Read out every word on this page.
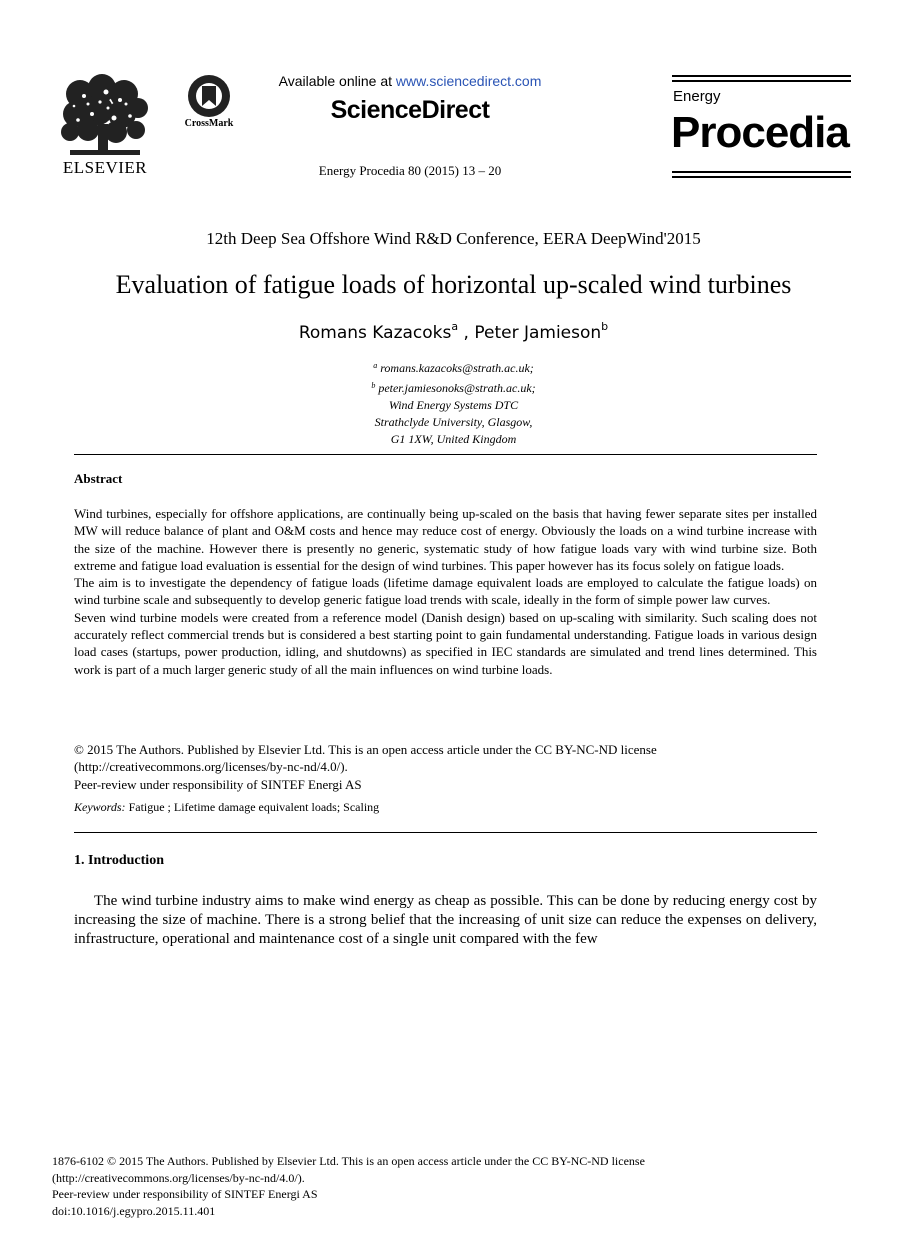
ELSEVIER
CrossMark
Available online at www.sciencedirect.com
ScienceDirect
Energy Procedia 80 (2015) 13 – 20
Energy
Procedia
12th Deep Sea Offshore Wind R&D Conference, EERA DeepWind'2015
Evaluation of fatigue loads of horizontal up-scaled wind turbines
Romans Kazacoks$^a$ , Peter Jamieson$^b$
$^a$ romans.kazacoks@strath.ac.uk;
$^b$ peter.jamiesonoks@strath.ac.uk;
Wind Energy Systems DTC
Strathclyde University, Glasgow,
G1 1XW, United Kingdom
Abstract

Wind turbines, especially for offshore applications, are continually being up-scaled on the basis that having fewer separate sites per installed MW will reduce balance of plant and O&M costs and hence may reduce cost of energy. Obviously the loads on a wind turbine increase with the size of the machine. However there is presently no generic, systematic study of how fatigue loads vary with wind turbine size. Both extreme and fatigue load evaluation is essential for the design of wind turbines. This paper however has its focus solely on fatigue loads.

The aim is to investigate the dependency of fatigue loads (lifetime damage equivalent loads are employed to calculate the fatigue loads) on wind turbine scale and subsequently to develop generic fatigue load trends with scale, ideally in the form of simple power law curves.

Seven wind turbine models were created from a reference model (Danish design) based on up-scaling with similarity. Such scaling does not accurately reflect commercial trends but is considered a best starting point to gain fundamental understanding. Fatigue loads in various design load cases (startups, power production, idling, and shutdowns) as specified in IEC standards are simulated and trend lines determined. This work is part of a much larger generic study of all the main influences on wind turbine loads.

© 2015 The Authors. Published by Elsevier Ltd. This is an open access article under the CC BY-NC-ND license
(http://creativecommons.org/licenses/by-nc-nd/4.0/).
Peer-review under responsibility of SINTEF Energi AS
Keywords: Fatigue ; Lifetime damage equivalent loads; Scaling
1. Introduction
The wind turbine industry aims to make wind energy as cheap as possible. This can be done by reducing energy cost by increasing the size of machine. There is a strong belief that the increasing of unit size can reduce the expenses on delivery, infrastructure, operational and maintenance cost of a single unit compared with the few
1876-6102 © 2015 The Authors. Published by Elsevier Ltd. This is an open access article under the CC BY-NC-ND license
(http://creativecommons.org/licenses/by-nc-nd/4.0/).
Peer-review under responsibility of SINTEF Energi AS
doi:10.1016/j.egypro.2015.11.401
